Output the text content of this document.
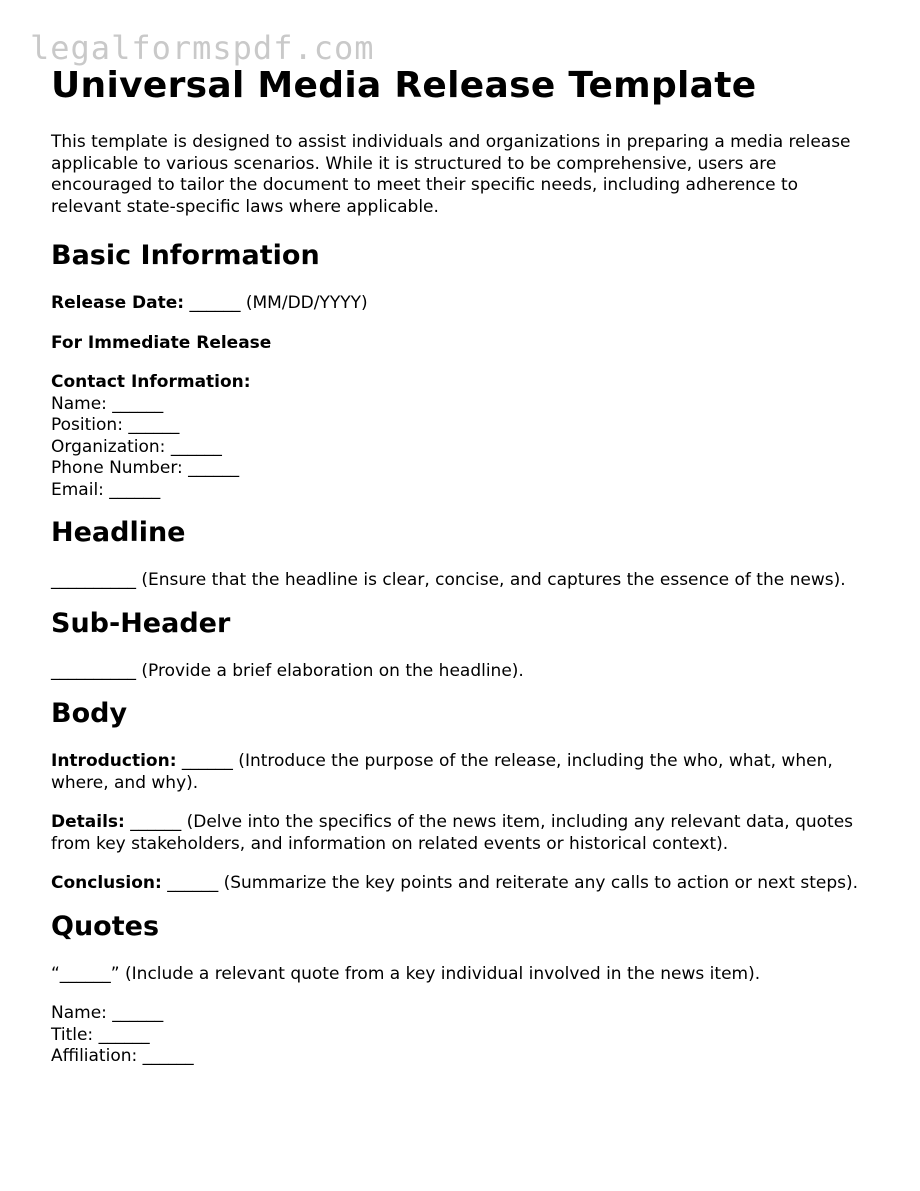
legalformspdf.com
Universal Media Release Template

This template is designed to assist individuals and organizations in preparing a media release applicable to various scenarios. While it is structured to be comprehensive, users are encouraged to tailor the document to meet their specific needs, including adherence to relevant state-specific laws where applicable.

Basic Information

Release Date: ______ (MM/DD/YYYY)

For Immediate Release

Contact Information:

Name: ______

Position: ______

Organization: ______

Phone Number: ______

Email: ______

Headline

__________ (Ensure that the headline is clear, concise, and captures the essence of the news).

Sub-Header

__________ (Provide a brief elaboration on the headline).

Body

Introduction: ______ (Introduce the purpose of the release, including the who, what, when, where, and why).

Details: ______ (Delve into the specifics of the news item, including any relevant data, quotes from key stakeholders, and information on related events or historical context).

Conclusion: ______ (Summarize the key points and reiterate any calls to action or next steps).

Quotes

“______” (Include a relevant quote from a key individual involved in the news item).

Name: ______

Title: ______

Affiliation: ______
